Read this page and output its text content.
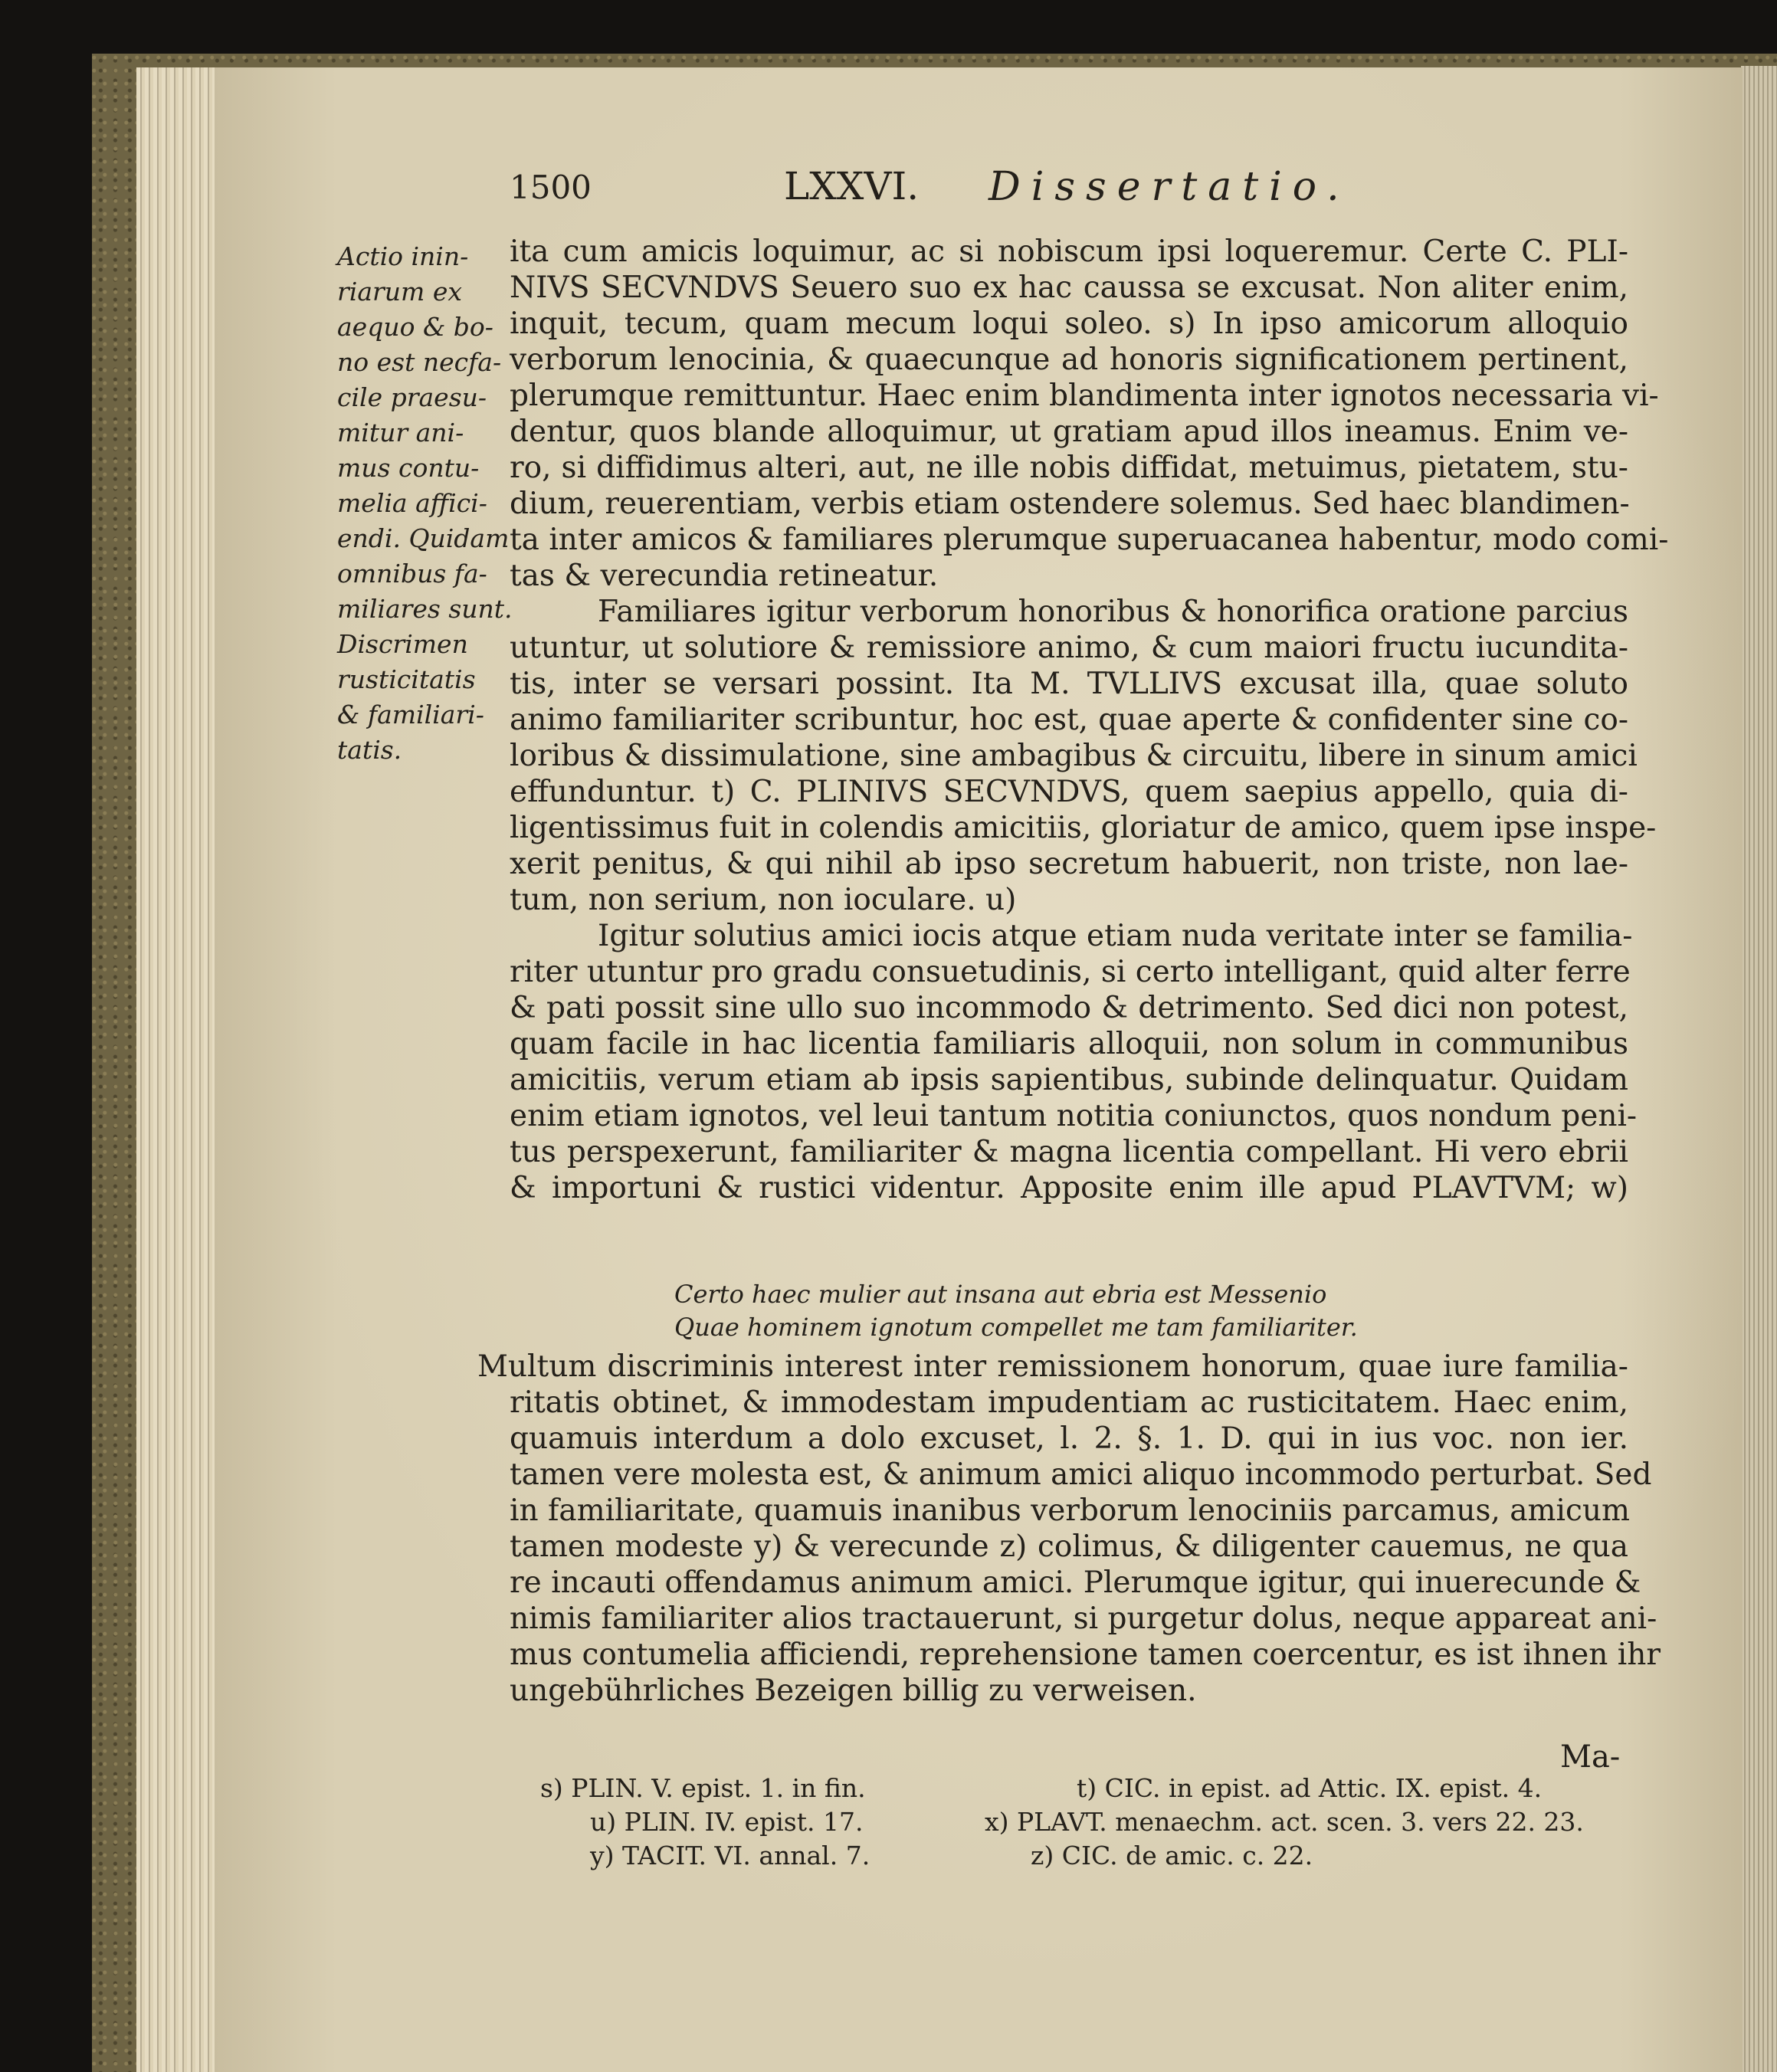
1500	LXXVI. Dissertatio.
Actio inin-
riarum ex
aequo & bo-
no est necfa-
cile praesu-
mitur ani-
mus contu-
melia affici-
endi. Quidam
omnibus fa-
miliares sunt.
Discrimen
rusticitatis
& familiari-
tatis.
ita cum amicis loquimur, ac si nobiscum ipsi loqueremur. Certe C. PLI-
NIVS SECVNDVS Seuero suo ex hac caussa se excusat. Non aliter enim,
inquit, tecum, quam mecum loqui soleo. s) In ipso amicorum alloquio
verborum lenocinia, & quaecunque ad honoris significationem pertinent,
plerumque remittuntur. Haec enim blandimenta inter ignotos necessaria vi-
dentur, quos blande alloquimur, ut gratiam apud illos ineamus. Enim ve-
ro, si diffidimus alteri, aut, ne ille nobis diffidat, metuimus, pietatem, stu-
dium, reuerentiam, verbis etiam ostendere solemus. Sed haec blandimen-
ta inter amicos & familiares plerumque superuacanea habentur, modo comi-
tas & verecundia retineatur.
Familiares igitur verborum honoribus & honorifica oratione parcius
utuntur, ut solutiore & remissiore animo, & cum maiori fructu iucundita-
tis, inter se versari possint. Ita M. TVLLIVS excusat illa, quae soluto
animo familiariter scribuntur, hoc est, quae aperte & confidenter sine co-
loribus & dissimulatione, sine ambagibus & circuitu, libere in sinum amici
effunduntur. t) C. PLINIVS SECVNDVS, quem saepius appello, quia di-
ligentissimus fuit in colendis amicitiis, gloriatur de amico, quem ipse inspe-
xerit penitus, & qui nihil ab ipso secretum habuerit, non triste, non lae-
tum, non serium, non ioculare. u)
Igitur solutius amici iocis atque etiam nuda veritate inter se familia-
riter utuntur pro gradu consuetudinis, si certo intelligant, quid alter ferre
& pati possit sine ullo suo incommodo & detrimento. Sed dici non potest,
quam facile in hac licentia familiaris alloquii, non solum in communibus
amicitiis, verum etiam ab ipsis sapientibus, subinde delinquatur. Quidam
enim etiam ignotos, vel leui tantum notitia coniunctos, quos nondum peni-
tus perspexerunt, familiariter & magna licentia compellant. Hi vero ebrii
& importuni & rustici videntur. Apposite enim ille apud PLAVTVM; w)
Certo haec mulier aut insana aut ebria est Messenio
Quae hominem ignotum compellet me tam familiariter.
Multum discriminis interest inter remissionem honorum, quae iure familia-
ritatis obtinet, & immodestam impudentiam ac rusticitatem. Haec enim,
quamuis interdum a dolo excuset, l. 2. §. 1. D. qui in ius voc. non ier.
tamen vere molesta est, & animum amici aliquo incommodo perturbat. Sed
in familiaritate, quamuis inanibus verborum lenociniis parcamus, amicum
tamen modeste y) & verecunde z) colimus, & diligenter cauemus, ne qua
re incauti offendamus animum amici. Plerumque igitur, qui inuerecunde &
nimis familiariter alios tractauerunt, si purgetur dolus, neque appareat ani-
mus contumelia afficiendi, reprehensione tamen coercentur, es ist ihnen ihr
ungebührliches Bezeigen billig zu verweisen.
Ma-
s) PLIN. V. epist. 1. in fin.	t) CIC. in epist. ad Attic. IX. epist. 4.
u) PLIN. IV. epist. 17.	x) PLAVT. menaechm. act. scen. 3. vers 22. 23.
y) TACIT. VI. annal. 7.	z) CIC. de amic. c. 22.
